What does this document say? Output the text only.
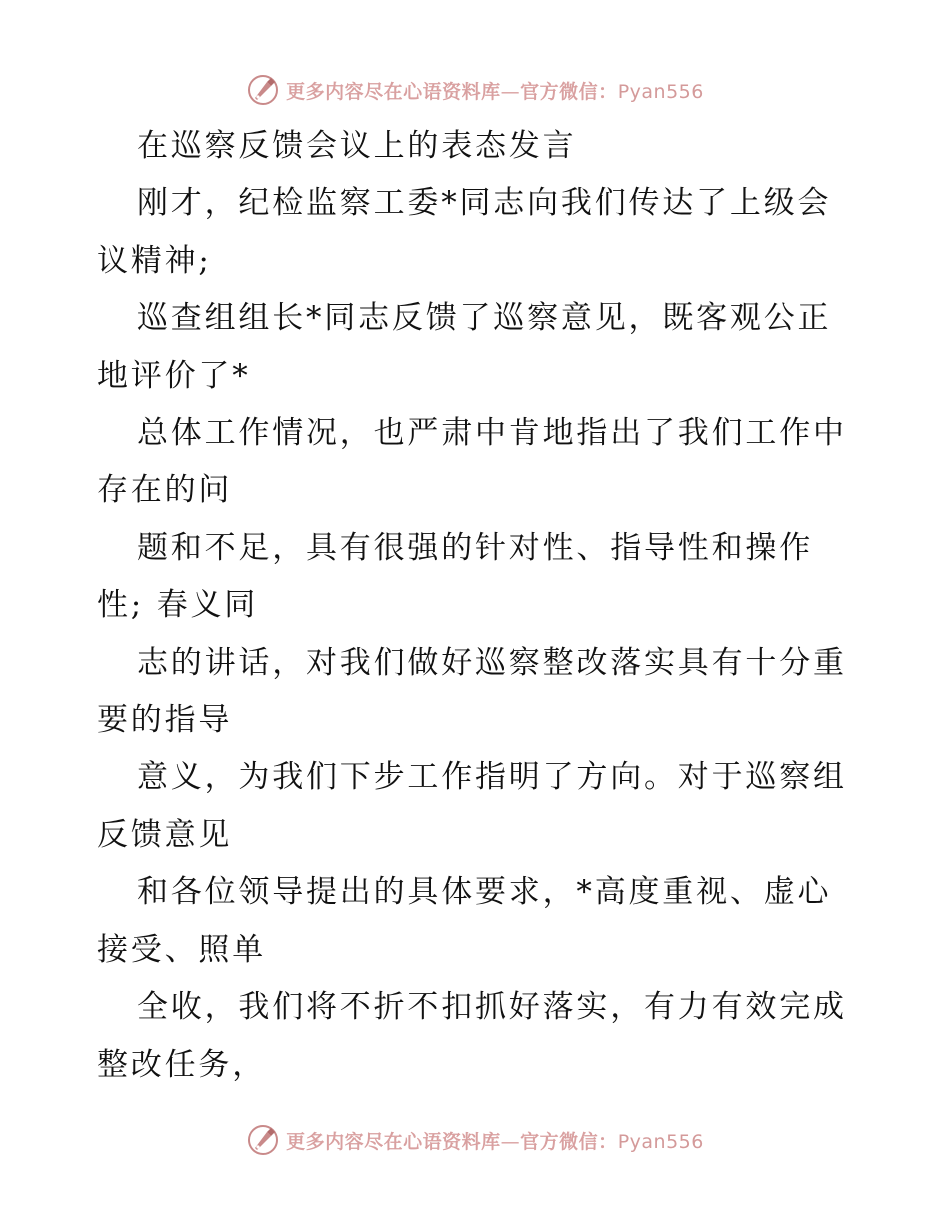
更多内容尽在心语资料库—官方微信：Pyan556
在巡察反馈会议上的表态发言
刚才，纪检监察工委*同志向我们传达了上级会
议精神;
巡查组组长*同志反馈了巡察意见，既客观公正
地评价了*
总体工作情况，也严肃中肯地指出了我们工作中
存在的问
题和不足，具有很强的针对性、指导性和操作
性; 春义同
志的讲话，对我们做好巡察整改落实具有十分重
要的指导
意义，为我们下步工作指明了方向。对于巡察组
反馈意见
和各位领导提出的具体要求，*高度重视、虚心
接受、照单
全收，我们将不折不扣抓好落实，有力有效完成
整改任务，
更多内容尽在心语资料库—官方微信：Pyan556
